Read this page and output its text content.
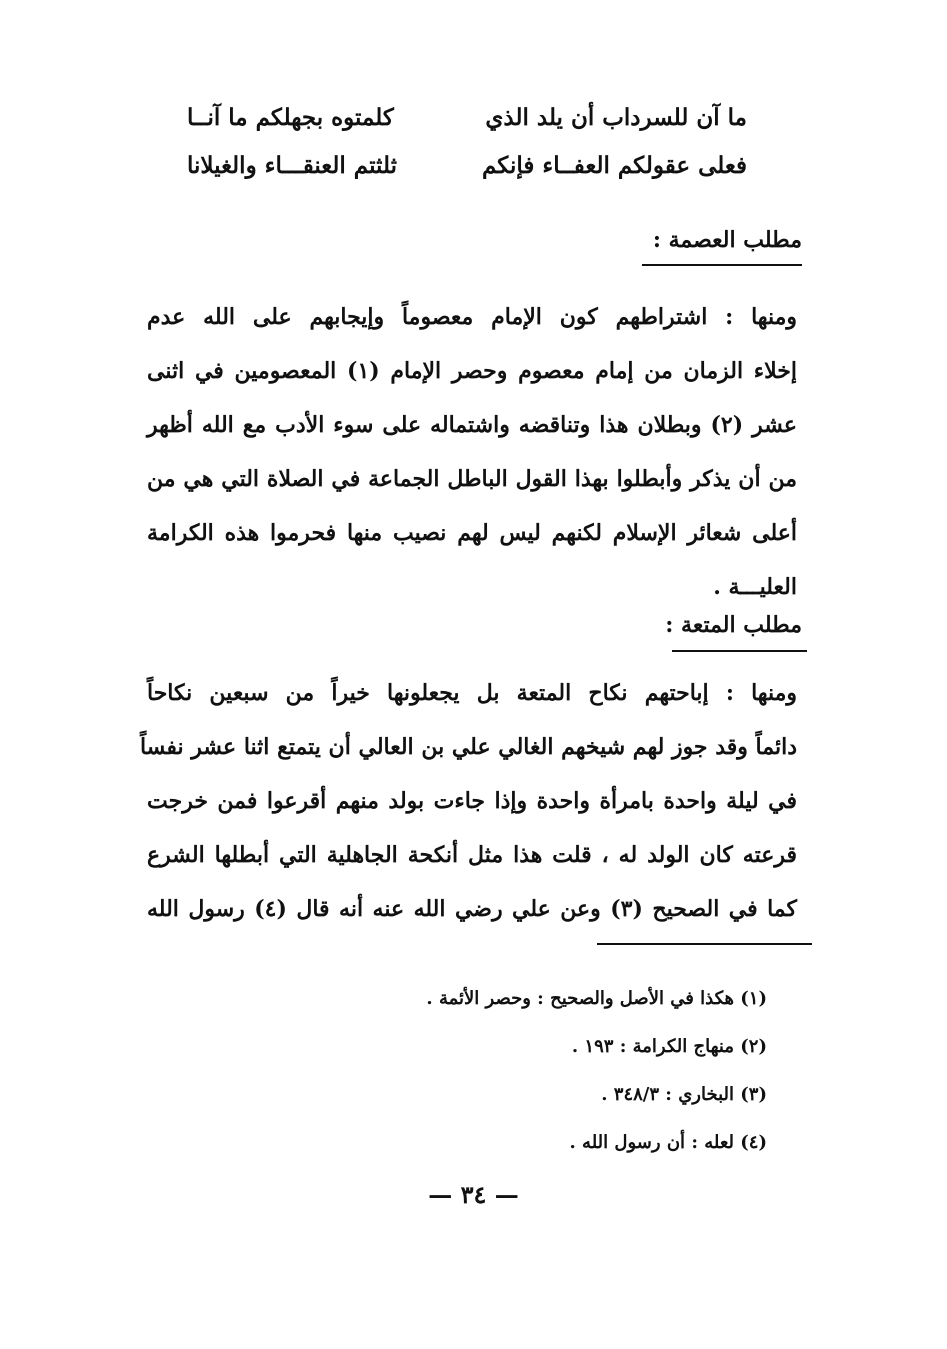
ما آن للسرداب أن يلد الذي
كلمتوه بجهلكم ما آنــا
فعلى عقولكم العفــاء فإنكم
ثلثتم العنقـــاء والغيلانا
مطلب العصمة :
ومنها : اشتراطهم كون الإمام معصوماً وإيجابهم على الله عدم
إخلاء الزمان من إمام معصوم وحصر الإمام (١) المعصومين في اثنى
عشر (٢) وبطلان هذا وتناقضه واشتماله على سوء الأدب مع الله أظهر
من أن يذكر وأبطلوا بهذا القول الباطل الجماعة في الصلاة التي هي من
أعلى شعائر الإسلام لكنهم ليس لهم نصيب منها فحرموا هذه الكرامة
العليـــة .
مطلب المتعة :
ومنها : إباحتهم نكاح المتعة بل يجعلونها خيراً من سبعين نكاحاً
دائماً وقد جوز لهم شيخهم الغالي علي بن العالي أن يتمتع اثنا عشر نفساً
في ليلة واحدة بامرأة واحدة وإذا جاءت بولد منهم أقرعوا فمن خرجت
قرعته كان الولد له ، قلت هذا مثل أنكحة الجاهلية التي أبطلها الشرع
كما في الصحيح (٣) وعن علي رضي الله عنه أنه قال (٤) رسول الله
(١) هكذا في الأصل والصحيح : وحصر الأئمة .
(٢) منهاج الكرامة : ١٩٣ .
(٣) البخاري : ٣٤٨/٣ .
(٤) لعله : أن رسول الله .
— ٣٤ —
